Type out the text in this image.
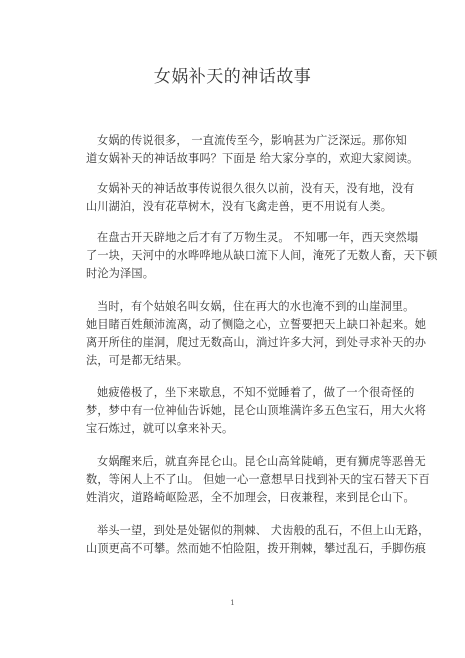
女娲补天的神话故事
女娲的传说很多， 一直流传至今，影响甚为广泛深远。那你知
道女娲补天的神话故事吗？下面是 给大家分享的，欢迎大家阅读。
女娲补天的神话故事传说很久很久以前，没有天，没有地，没有
山川湖泊，没有花草树木，没有飞禽走兽，更不用说有人类。
在盘古开天辟地之后才有了万物生灵。 不知哪一年，西天突然塌
了一块，天河中的水哗哗地从缺口流下人间，淹死了无数人畜，天下顿
时沦为泽国。
当时，有个姑娘名叫女娲，住在再大的水也淹不到的山崖洞里。
她目睹百姓颠沛流离，动了恻隐之心，立誓要把天上缺口补起来。她
离开所住的崖洞，爬过无数高山，淌过许多大河，到处寻求补天的办
法，可是都无结果。
她疲倦极了，坐下来歇息，不知不觉睡着了，做了一个很奇怪的
梦，梦中有一位神仙告诉她，昆仑山顶堆满许多五色宝石，用大火将
宝石炼过，就可以拿来补天。
女娲醒来后，就直奔昆仑山。昆仑山高耸陡峭，更有狮虎等恶兽无
数，等闲人上不了山。 但她一心一意想早日找到补天的宝石替天下百
姓消灾，道路崎岖险恶，全不加理会，日夜兼程，来到昆仑山下。
举头一望，到处是处锯似的荆棘、 犬齿般的乱石，不但上山无路，
山顶更高不可攀。然而她不怕险阻，拨开荆棘，攀过乱石，手脚伤痕
1
